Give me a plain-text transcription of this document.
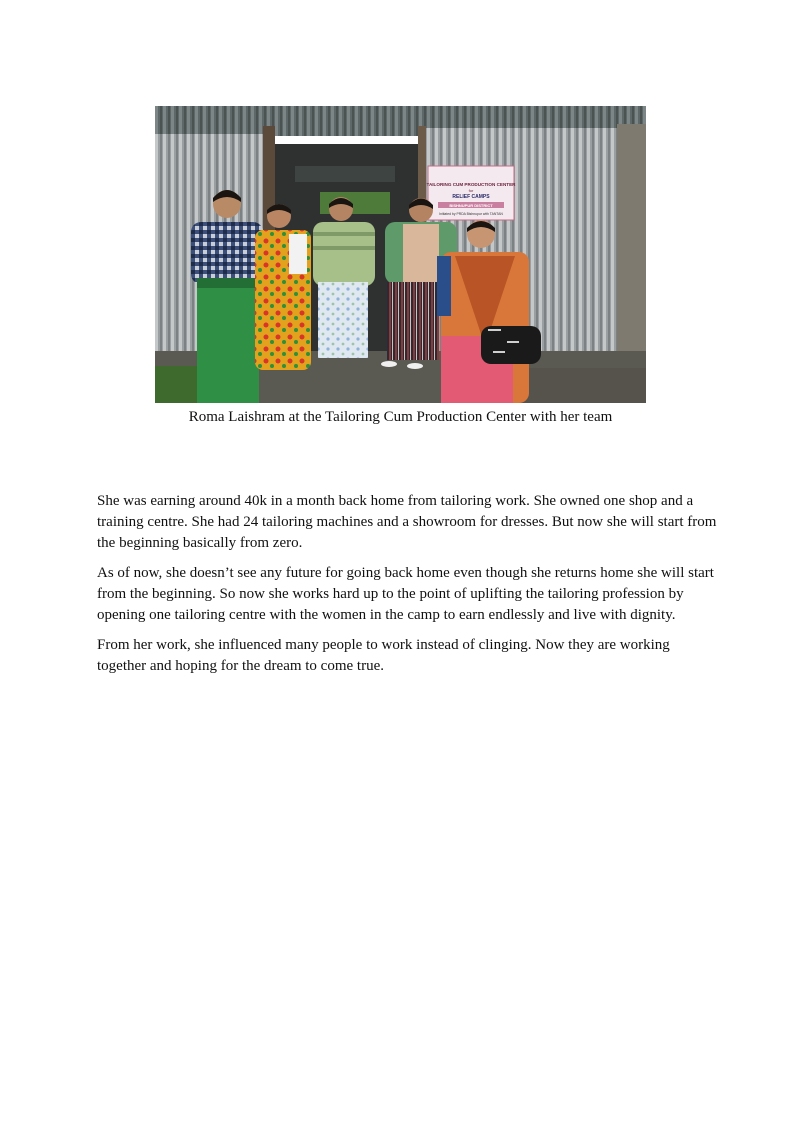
TAILORING CUM PRODUCTION CENTER
for
RELIEF CAMPS
BISHNUPUR DISTRICT
Initiated by PRDA Bishnupur with TANTAN

Roma Laishram at the Tailoring Cum Production Center with her team

She was earning around 40k in a month back home from tailoring work. She owned one shop and a training centre. She had 24 tailoring machines and a showroom for dresses. But now she will start from the beginning basically from zero.

As of now, she doesn’t see any future for going back home even though she returns home she will start from the beginning. So now she works hard up to the point of uplifting the tailoring profession by opening one tailoring centre with the women in the camp to earn endlessly and live with dignity.

From her work, she influenced many people to work instead of clinging. Now they are working together and hoping for the dream to come true.
